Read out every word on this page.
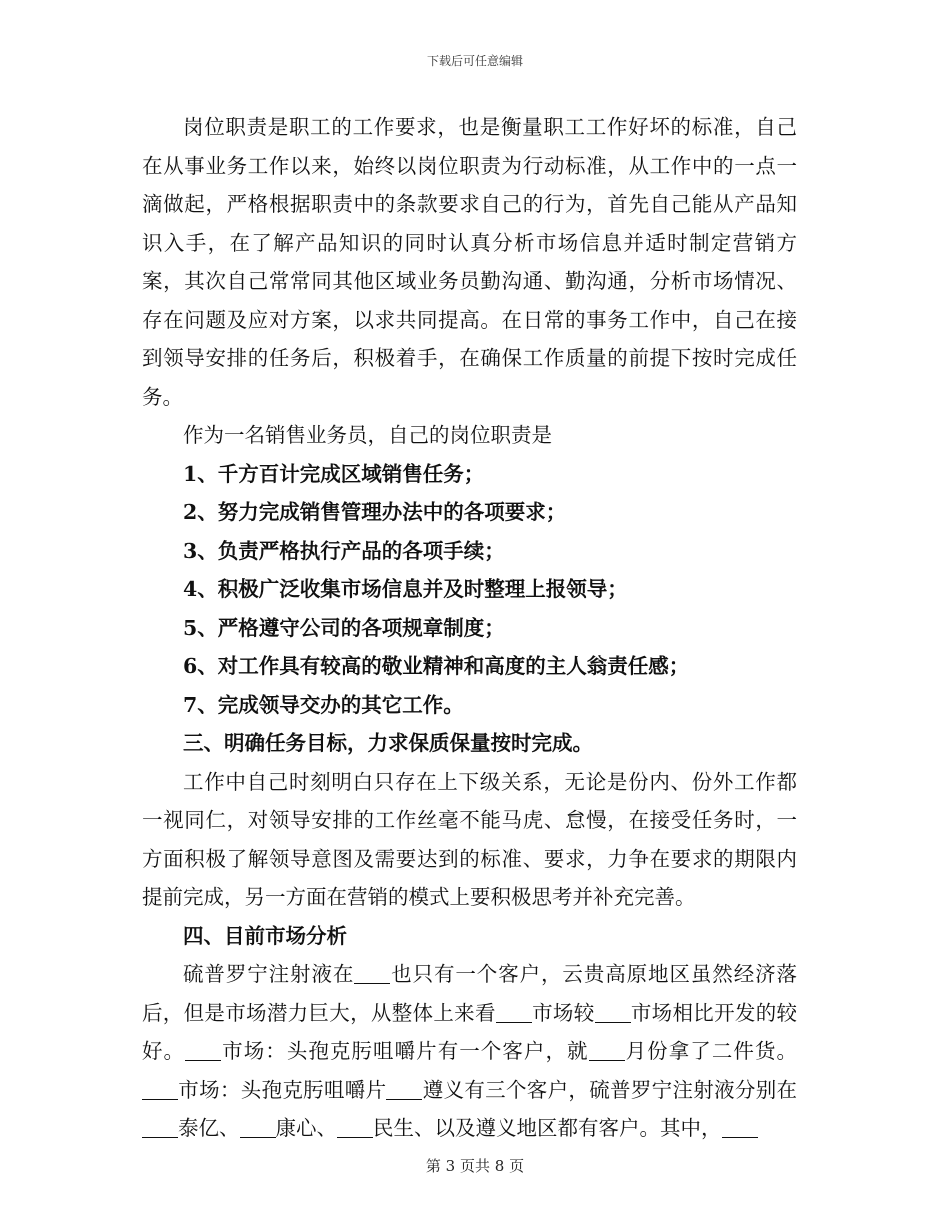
下载后可任意编辑

岗位职责是职工的工作要求，也是衡量职工工作好坏的标准，自己在从事业务工作以来，始终以岗位职责为行动标准，从工作中的一点一滴做起，严格根据职责中的条款要求自己的行为，首先自己能从产品知识入手，在了解产品知识的同时认真分析市场信息并适时制定营销方案，其次自己常常同其他区域业务员勤沟通、勤沟通，分析市场情况、存在问题及应对方案，以求共同提高。在日常的事务工作中，自己在接到领导安排的任务后，积极着手，在确保工作质量的前提下按时完成任务。

作为一名销售业务员，自己的岗位职责是

1、千方百计完成区域销售任务；

2、努力完成销售管理办法中的各项要求；

3、负责严格执行产品的各项手续；

4、积极广泛收集市场信息并及时整理上报领导；

5、严格遵守公司的各项规章制度；

6、对工作具有较高的敬业精神和高度的主人翁责任感；

7、完成领导交办的其它工作。

三、明确任务目标，力求保质保量按时完成。

工作中自己时刻明白只存在上下级关系，无论是份内、份外工作都一视同仁，对领导安排的工作丝毫不能马虎、怠慢，在接受任务时，一方面积极了解领导意图及需要达到的标准、要求，力争在要求的期限内提前完成，另一方面在营销的模式上要积极思考并补充完善。

四、目前市场分析

硫普罗宁注射液在 也只有一个客户，云贵高原地区虽然经济落后，但是市场潜力巨大，从整体上来看 市场较 市场相比开发的较好。 市场：头孢克肟咀嚼片有一个客户，就 月份拿了二件货。市场：头孢克肟咀嚼片 遵义有三个客户，硫普罗宁注射液分别在泰亿、 康心、 民生、以及遵义地区都有客户。其中，

第 3 页共 8 页
